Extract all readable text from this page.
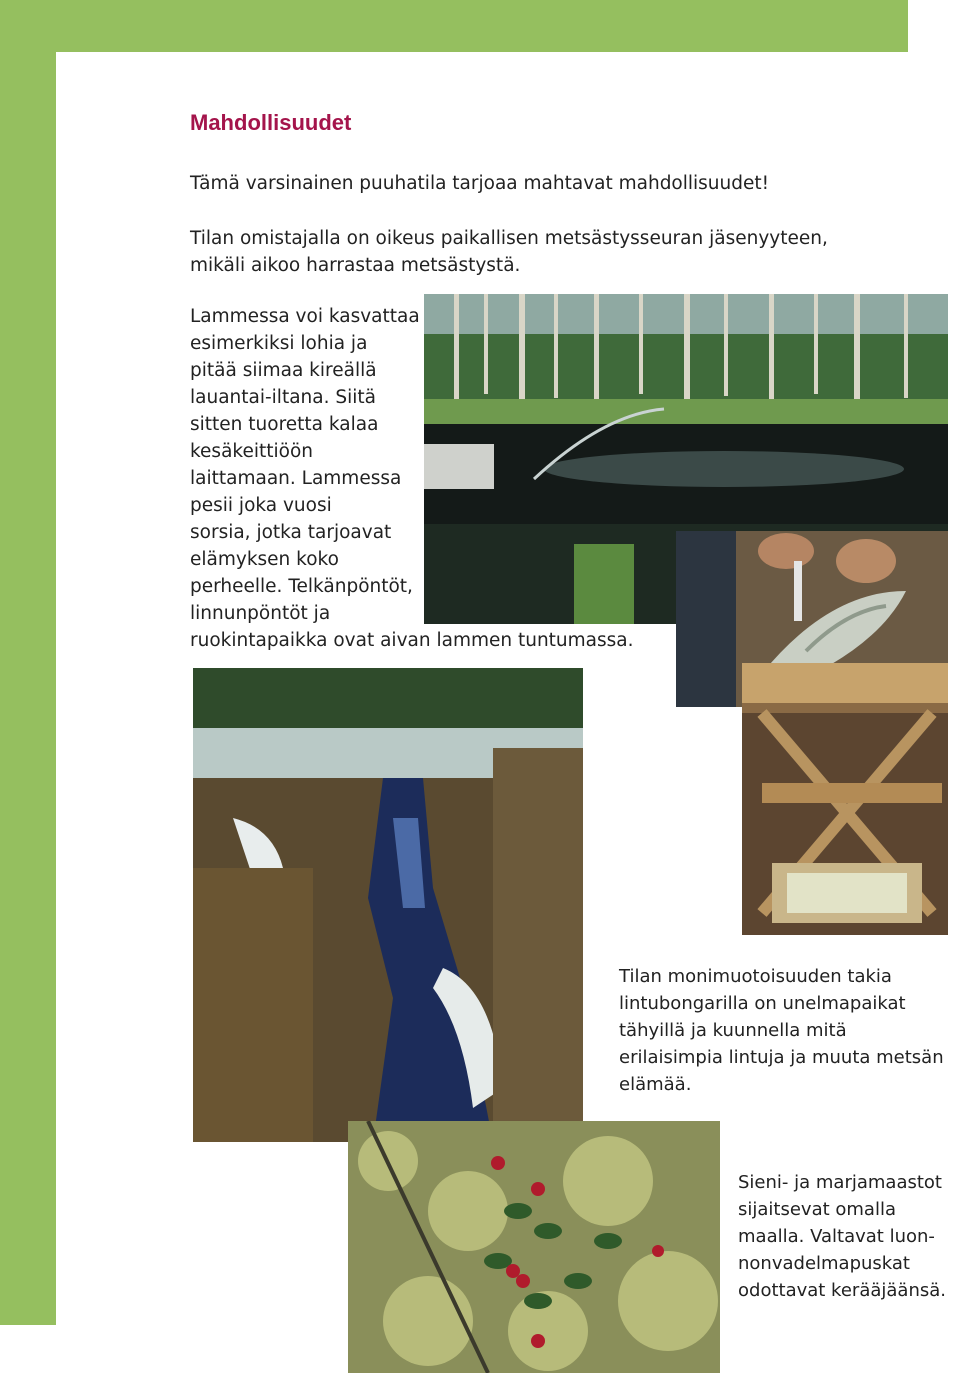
Mahdollisuudet
Tämä varsinainen puuhatila tarjoaa mahtavat mahdollisuudet!
Tilan omistajalla on oikeus paikallisen metsästysseuran jäsenyyteen,
mikäli aikoo harrastaa metsästystä.
Lammessa voi kasvattaa
esimerkiksi lohia ja
pitää siimaa kireällä
lauantai-iltana. Siitä
sitten tuoretta kalaa
kesäkeittiöön
laittamaan. Lammessa
pesii joka vuosi
sorsia, jotka tarjoavat
elämyksen koko
perheelle. Telkänpöntöt,
linnunpöntöt ja
ruokintapaikka ovat aivan lammen tuntumassa.
Tilan monimuotoisuuden takia
lintubongarilla on unelmapaikat
tähyillä ja kuunnella mitä
erilaisimpia lintuja ja muuta metsän
elämää.
Sieni- ja marjamaastot
sijaitsevat omalla
maalla. Valtavat luon-
nonvadelmapuskat
odottavat kerääjäänsä.
